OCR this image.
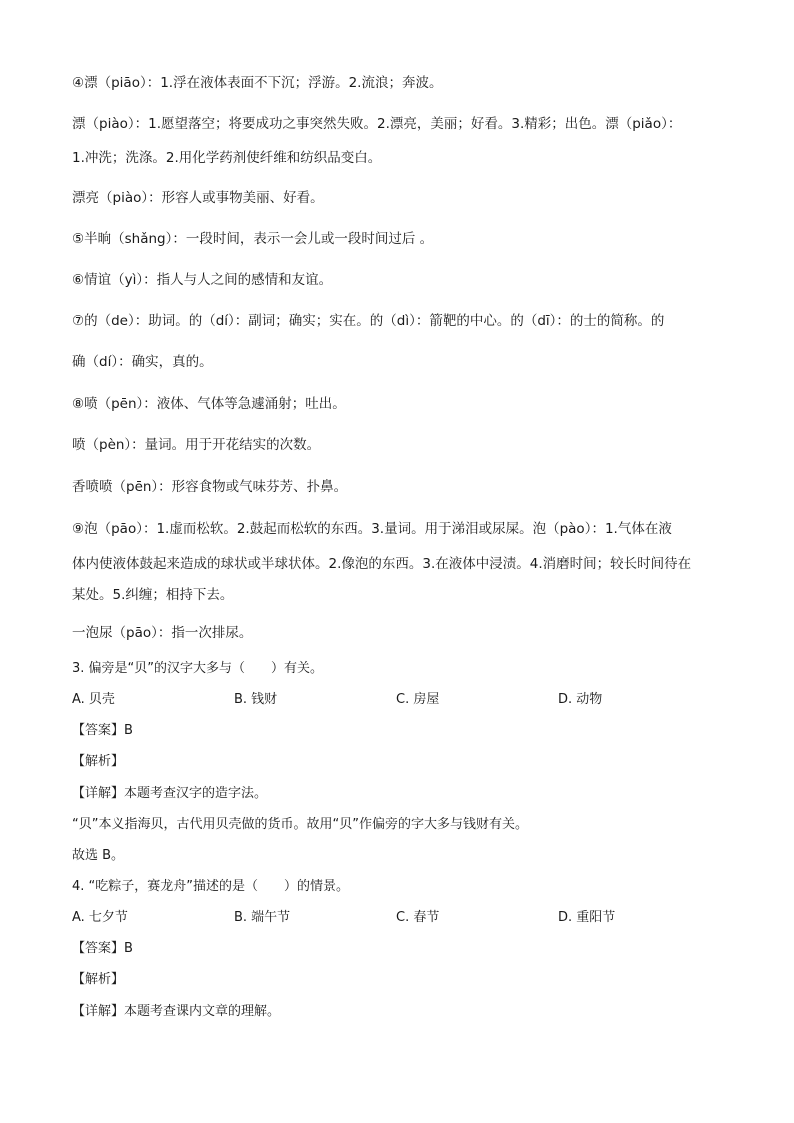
④漂（piāo）：1.浮在液体表面不下沉；浮游。2.流浪；奔波。
漂（piào）：1.愿望落空；将要成功之事突然失败。2.漂亮，美丽；好看。3.精彩；出色。漂（piǎo）：
1.冲洗；洗涤。2.用化学药剂使纤维和纺织品变白。
漂亮（piào）：形容人或事物美丽、好看。
⑤半晌（shǎng）：一段时间，表示一会儿或一段时间过后 。
⑥情谊（yì）：指人与人之间的感情和友谊。
⑦的（de）：助词。的（dí）：副词；确实；实在。的（dì）：箭靶的中心。的（dī）：的士的简称。的
确（dí）：确实，真的。
⑧喷（pēn）：液体、气体等急遽涌射；吐出。
喷（pèn）：量词。用于开花结实的次数。
香喷喷（pēn）：形容食物或气味芬芳、扑鼻。
⑨泡（pāo）：1.虚而松软。2.鼓起而松软的东西。3.量词。用于涕泪或尿屎。泡（pào）：1.气体在液
体内使液体鼓起来造成的球状或半球状体。2.像泡的东西。3.在液体中浸渍。4.消磨时间；较长时间待在
某处。5.纠缠；相持下去。
一泡尿（pāo）：指一次排尿。
3. 偏旁是“贝”的汉字大多与（　　）有关。
A. 贝壳	B. 钱财	C. 房屋	D. 动物
【答案】B
【解析】
【详解】本题考查汉字的造字法。
“贝”本义指海贝，古代用贝壳做的货币。故用“贝”作偏旁的字大多与钱财有关。
故选 B。
4. “吃粽子，赛龙舟”描述的是（　　）的情景。
A. 七夕节	B. 端午节	C. 春节	D. 重阳节
【答案】B
【解析】
【详解】本题考查课内文章的理解。
